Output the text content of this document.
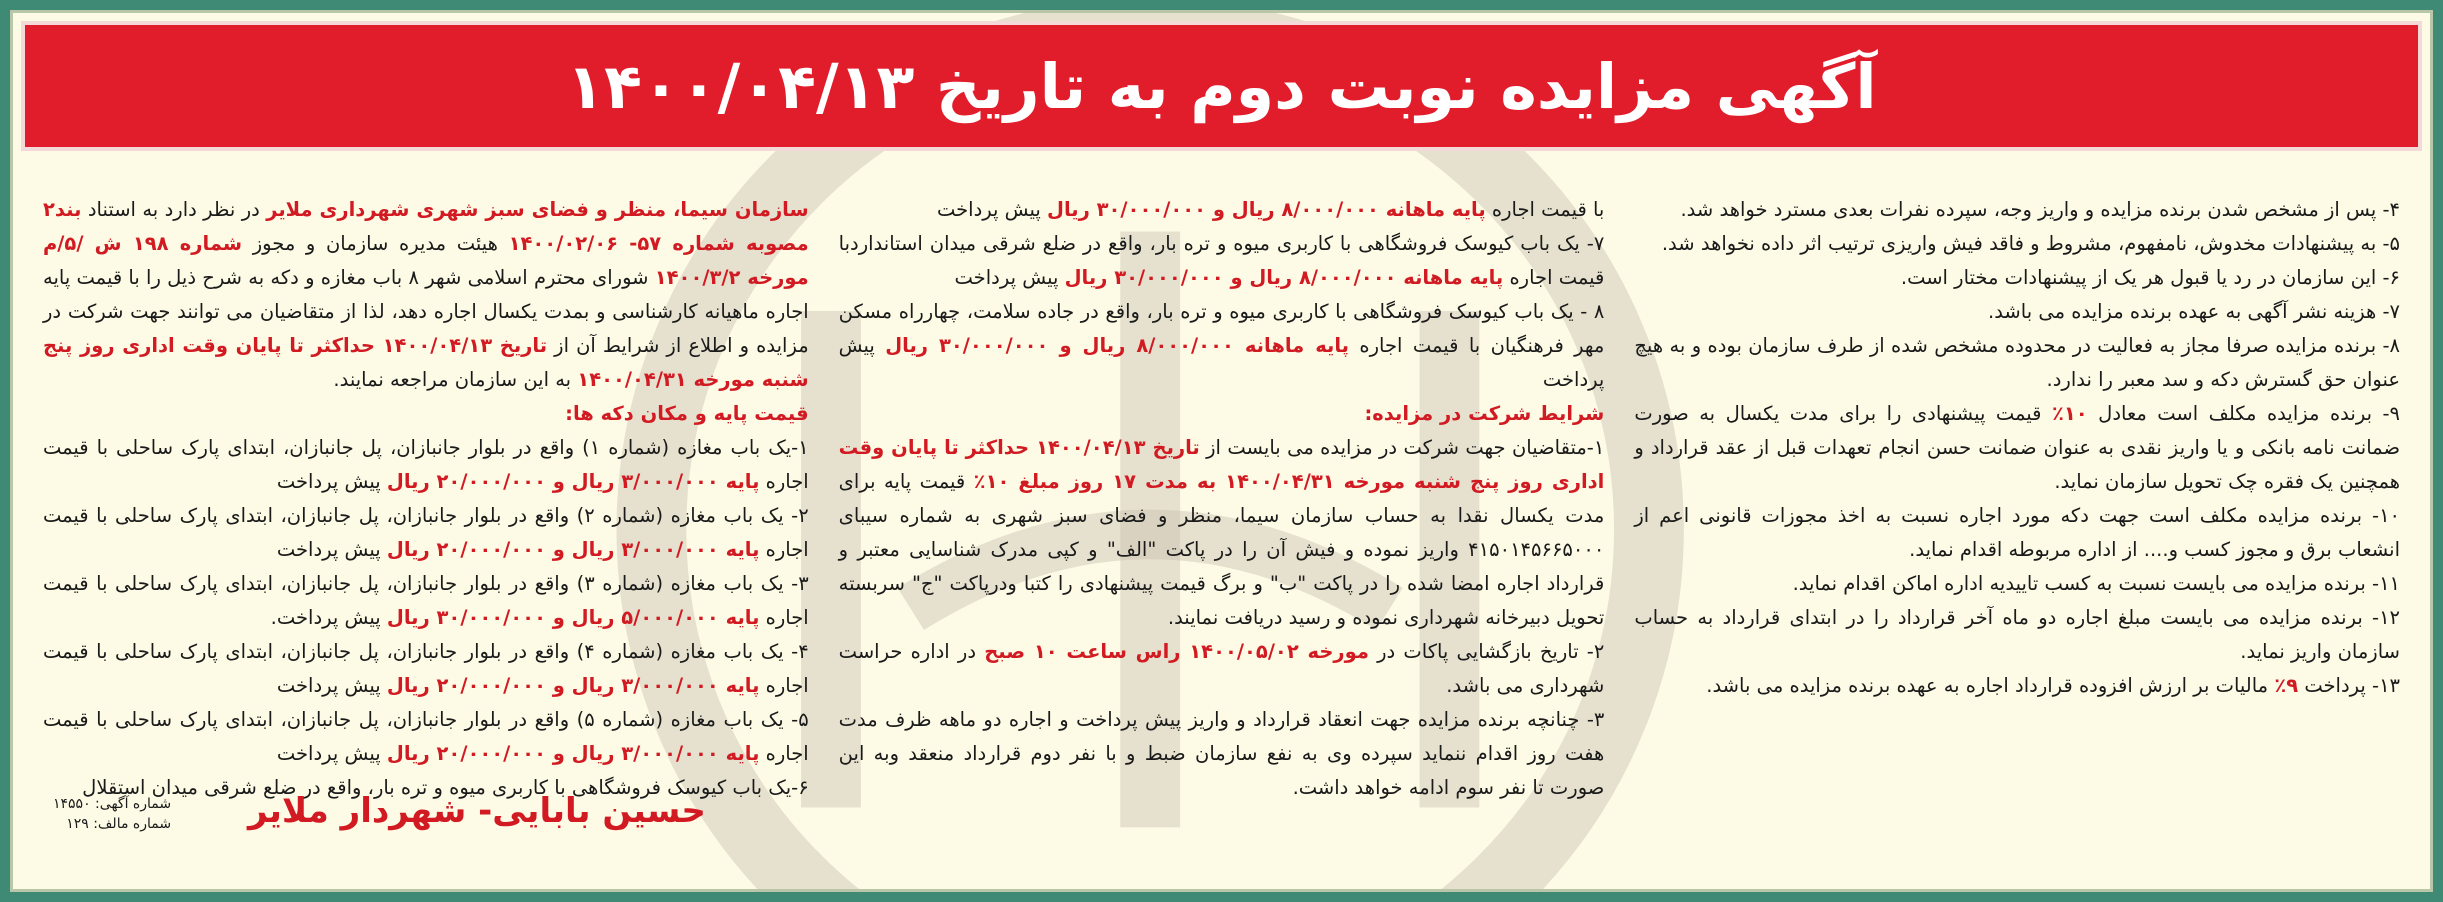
آگهی مزایده نوبت دوم به تاریخ ۱۴۰۰/۰۴/۱۳

سازمان سیما، منظر و فضای سبز شهری شهرداری ملایر در نظر دارد به استناد بند۲ مصوبه شماره ۵۷- ۱۴۰۰/۰۲/۰۶ هیئت مدیره سازمان و مجوز شماره ۱۹۸ ش /۵/م مورخه ۱۴۰۰/۳/۲ شورای محترم اسلامی شهر ۸ باب مغازه و دکه به شرح ذیل را با قیمت پایه اجاره ماهیانه کارشناسی و بمدت یکسال اجاره دهد، لذا از متقاضیان می توانند جهت شرکت در مزایده و اطلاع از شرایط آن از تاریخ ۱۴۰۰/۰۴/۱۳ حداکثر تا پایان وقت اداری روز پنج شنبه مورخه ۱۴۰۰/۰۴/۳۱ به این سازمان مراجعه نمایند.

قیمت پایه و مکان دکه ها:

۱-یک باب مغازه (شماره ۱) واقع در بلوار جانبازان، پل جانبازان، ابتدای پارک ساحلی با قیمت اجاره پایه ۳/۰۰۰/۰۰۰ ریال و ۲۰/۰۰۰/۰۰۰ ریال پیش پرداخت

۲- یک باب مغازه (شماره ۲) واقع در بلوار جانبازان، پل جانبازان، ابتدای پارک ساحلی با قیمت اجاره پایه ۳/۰۰۰/۰۰۰ ریال و ۲۰/۰۰۰/۰۰۰ ریال پیش پرداخت

۳- یک باب مغازه (شماره ۳) واقع در بلوار جانبازان، پل جانبازان، ابتدای پارک ساحلی با قیمت اجاره پایه ۵/۰۰۰/۰۰۰ ریال و ۳۰/۰۰۰/۰۰۰ ریال پیش پرداخت.

۴- یک باب مغازه (شماره ۴) واقع در بلوار جانبازان، پل جانبازان، ابتدای پارک ساحلی با قیمت اجاره پایه ۳/۰۰۰/۰۰۰ ریال و ۲۰/۰۰۰/۰۰۰ ریال پیش پرداخت

۵- یک باب مغازه (شماره ۵) واقع در بلوار جانبازان، پل جانبازان، ابتدای پارک ساحلی با قیمت اجاره پایه ۳/۰۰۰/۰۰۰ ریال و ۲۰/۰۰۰/۰۰۰ ریال پیش پرداخت

۶-یک باب کیوسک فروشگاهی با کاربری میوه و تره بار، واقع در ضلع شرقی میدان استقلال

با قیمت اجاره پایه ماهانه ۸/۰۰۰/۰۰۰ ریال و ۳۰/۰۰۰/۰۰۰ ریال پیش پرداخت

۷- یک باب کیوسک فروشگاهی با کاربری میوه و تره بار، واقع در ضلع شرقی میدان استانداردبا قیمت اجاره پایه ماهانه ۸/۰۰۰/۰۰۰ ریال و ۳۰/۰۰۰/۰۰۰ ریال پیش پرداخت

۸ - یک باب کیوسک فروشگاهی با کاربری میوه و تره بار، واقع در جاده سلامت، چهارراه مسکن مهر فرهنگیان با قیمت اجاره پایه ماهانه ۸/۰۰۰/۰۰۰ ریال و ۳۰/۰۰۰/۰۰۰ ریال پیش پرداخت

شرایط شرکت در مزایده:

۱-متقاضیان جهت شرکت در مزایده می بایست از تاریخ ۱۴۰۰/۰۴/۱۳ حداکثر تا پایان وقت اداری روز پنج شنبه مورخه ۱۴۰۰/۰۴/۳۱ به مدت ۱۷ روز مبلغ ۱۰٪ قیمت پایه برای مدت یکسال نقدا به حساب سازمان سیما، منظر و فضای سبز شهری به شماره سیبای ۴۱۵۰۱۴۵۶۶۵۰۰۰ واریز نموده و فیش آن را در پاکت "الف" و کپی مدرک شناسایی معتبر و قرارداد اجاره امضا شده را در پاکت "ب" و برگ قیمت پیشنهادی را کتبا ودرپاکت "ج" سربسته تحویل دبیرخانه شهرداری نموده و رسید دریافت نمایند.

۲- تاریخ بازگشایی پاکات در مورخه ۱۴۰۰/۰۵/۰۲ راس ساعت ۱۰ صبح در اداره حراست شهرداری می باشد.

۳- چنانچه برنده مزایده جهت انعقاد قرارداد و واریز پیش پرداخت و اجاره دو ماهه ظرف مدت هفت روز اقدام ننماید سپرده وی به نفع سازمان ضبط و با نفر دوم قرارداد منعقد وبه این صورت تا نفر سوم ادامه خواهد داشت.

۴- پس از مشخص شدن برنده مزایده و واریز وجه، سپرده نفرات بعدی مسترد خواهد شد.

۵- به پیشنهادات مخدوش، نامفهوم، مشروط و فاقد فیش واریزی ترتیب اثر داده نخواهد شد.

۶- این سازمان در رد یا قبول هر یک از پیشنهادات مختار است.

۷- هزینه نشر آگهی به عهده برنده مزایده می باشد.

۸- برنده مزایده صرفا مجاز به فعالیت در محدوده مشخص شده از طرف سازمان بوده و به هیچ عنوان حق گسترش دکه و سد معبر را ندارد.

۹- برنده مزایده مکلف است معادل ۱۰٪ قیمت پیشنهادی را برای مدت یکسال به صورت ضمانت نامه بانکی و یا واریز نقدی به عنوان ضمانت حسن انجام تعهدات قبل از عقد قرارداد و همچنین یک فقره چک تحویل سازمان نماید.

۱۰- برنده مزایده مکلف است جهت دکه مورد اجاره نسبت به اخذ مجوزات قانونی اعم از انشعاب برق و مجوز کسب و.... از اداره مربوطه اقدام نماید.

۱۱- برنده مزایده می بایست نسبت به کسب تاییدیه اداره اماکن اقدام نماید.

۱۲- برنده مزایده می بایست مبلغ اجاره دو ماه آخر قرارداد را در ابتدای قرارداد به حساب سازمان واریز نماید.

۱۳- پرداخت ۹٪ مالیات بر ارزش افزوده قرارداد اجاره به عهده برنده مزایده می باشد.

حسین بابایی- شهردار ملایر
شماره آگهی: ۱۴۵۵۰
شماره مالف: ۱۲۹
